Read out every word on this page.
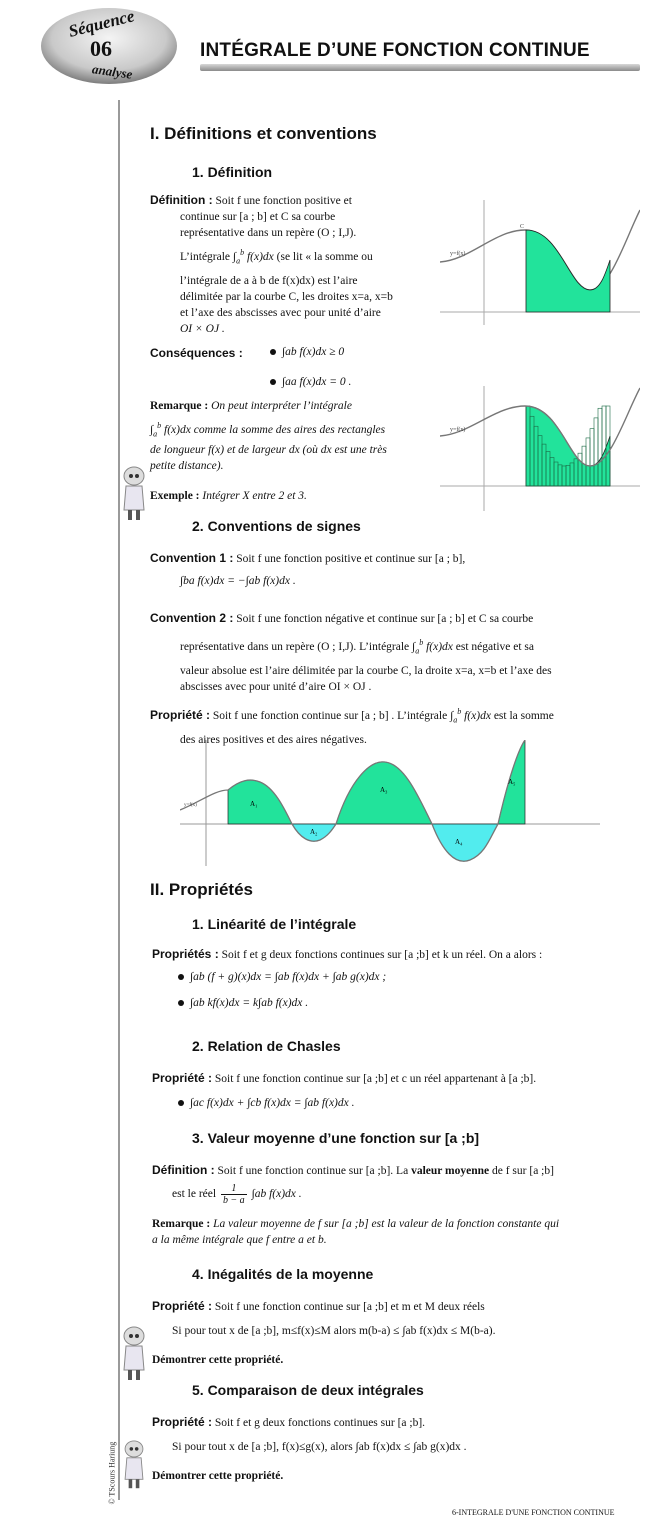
Séquence
06
analyse
INTÉGRALE D’UNE FONCTION CONTINUE
© TScours Hariung
I. Définitions et conventions
1. Définition
Définition : Soit f une fonction positive et
continue sur [a ; b] et C sa courbe
représentative dans un repère (O ; I,J).
L’intégrale $\int_a^b$ f(x)dx (se lit « la somme ou
l’intégrale de a à b de f(x)dx) est l’aire
délimitée par la courbe C, les droites x=a, x=b
et l’axe des abscisses avec pour unité d’aire
OI × OJ .
y=f(x)
C
Conséquences :	∫ab f(x)dx ≥ 0
∫aa f(x)dx = 0 .
Remarque : On peut interpréter l’intégrale
$\int_a^b$ f(x)dx comme la somme des aires des rectangles
de longueur f(x) et de largeur dx (où dx est une très
petite distance).
y=f(x)
Exemple : Intégrer X entre 2 et 3.
2. Conventions de signes
Convention 1 : Soit f une fonction positive et continue sur [a ; b],
∫ba f(x)dx = −∫ab f(x)dx .
Convention 2 : Soit f une fonction négative et continue sur [a ; b] et C sa courbe
représentative dans un repère (O ; I,J). L’intégrale $\int_a^b$ f(x)dx est négative et sa
valeur absolue est l’aire délimitée par la courbe C, la droite x=a, x=b et l’axe des
abscisses avec pour unité d’aire OI × OJ .
Propriété : Soit f une fonction continue sur [a ; b] . L’intégrale $\int_a^b$ f(x)dx est la somme
des aires positives et des aires négatives.
A₁
A₂
A₃
A₄
A₅
y=f(x)
II. Propriétés
1. Linéarité de l’intégrale
Propriétés : Soit f et g deux fonctions continues sur [a ;b] et k un réel. On a alors :
∫ab (f + g)(x)dx = ∫ab f(x)dx + ∫ab g(x)dx ;
∫ab kf(x)dx = k∫ab f(x)dx .
2. Relation de Chasles
Propriété : Soit f une fonction continue sur [a ;b] et c un réel appartenant à [a ;b].
∫ac f(x)dx + ∫cb f(x)dx = ∫ab f(x)dx .
3. Valeur moyenne d’une fonction sur [a ;b]
Définition : Soit f une fonction continue sur [a ;b]. La valeur moyenne de f sur [a ;b]
est le réel $\frac{1}{b - a} \int ab$ f(x)dx .
Remarque : La valeur moyenne de f sur [a ;b] est la valeur de la fonction constante qui
a la même intégrale que f entre a et b.
4. Inégalités de la moyenne
Propriété : Soit f une fonction continue sur [a ;b] et m et M deux réels
Si pour tout x de [a ;b], m≤f(x)≤M alors m(b-a) ≤ ∫ab f(x)dx ≤ M(b-a).
Démontrer cette propriété.
5. Comparaison de deux intégrales
Propriété : Soit f et g deux fonctions continues sur [a ;b].
Si pour tout x de [a ;b], f(x)≤g(x), alors ∫ab f(x)dx ≤ ∫ab g(x)dx .
Démontrer cette propriété.
6-INTEGRALE D'UNE FONCTION CONTINUE
